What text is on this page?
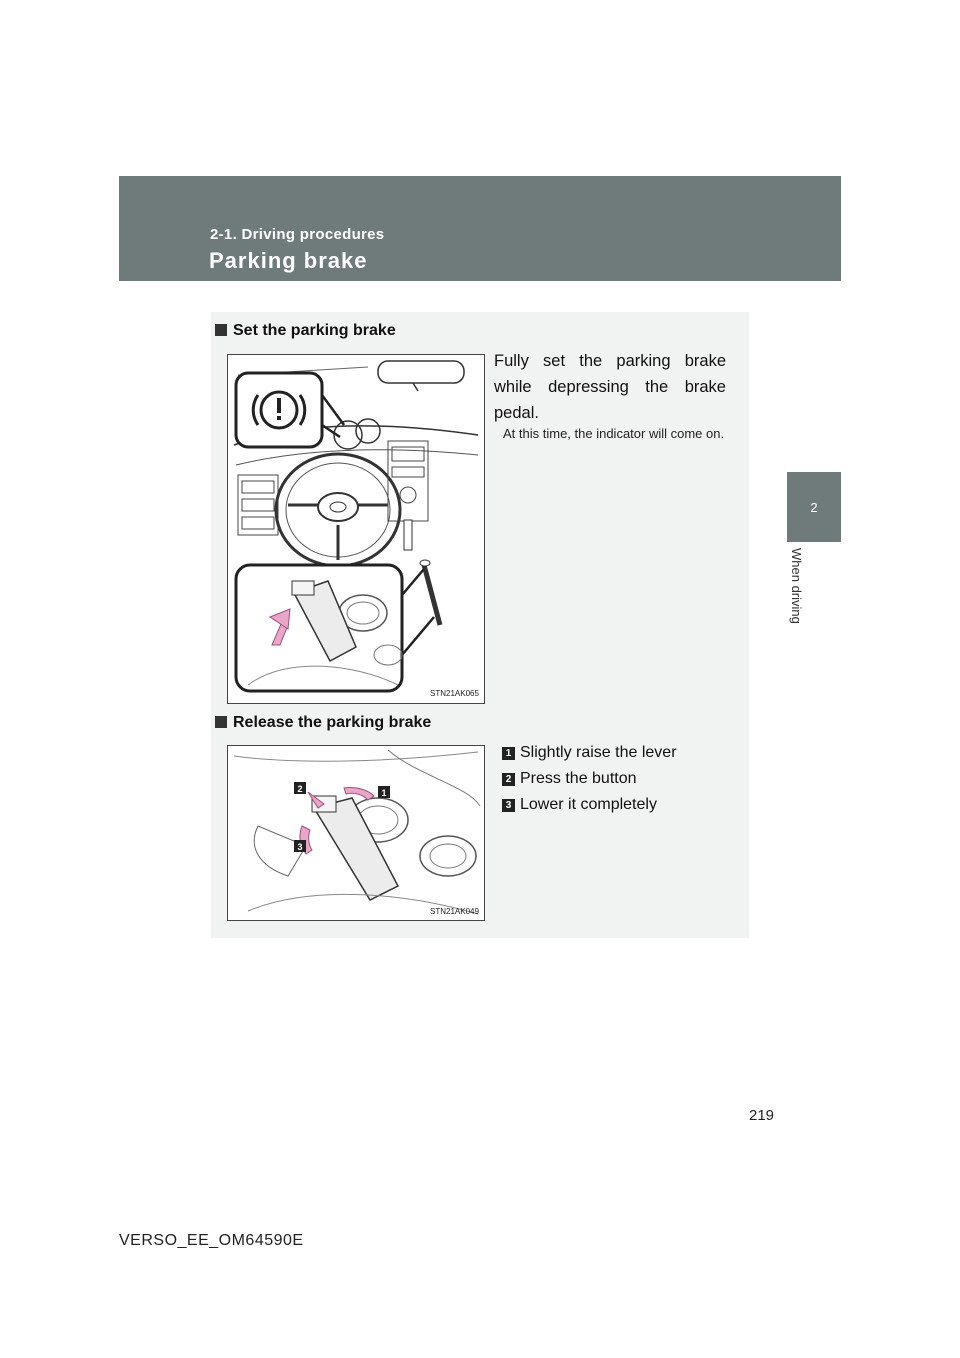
2-1. Driving procedures
Parking brake
2
When driving
Set the parking brake
STN21AK065
Fully set the parking brake while depressing the brake pedal.
At this time, the indicator will come on.
Release the parking brake
2	1
3
STN21AK049
1 Slightly raise the lever
2 Press the button
3 Lower it completely
219
VERSO_EE_OM64590E
